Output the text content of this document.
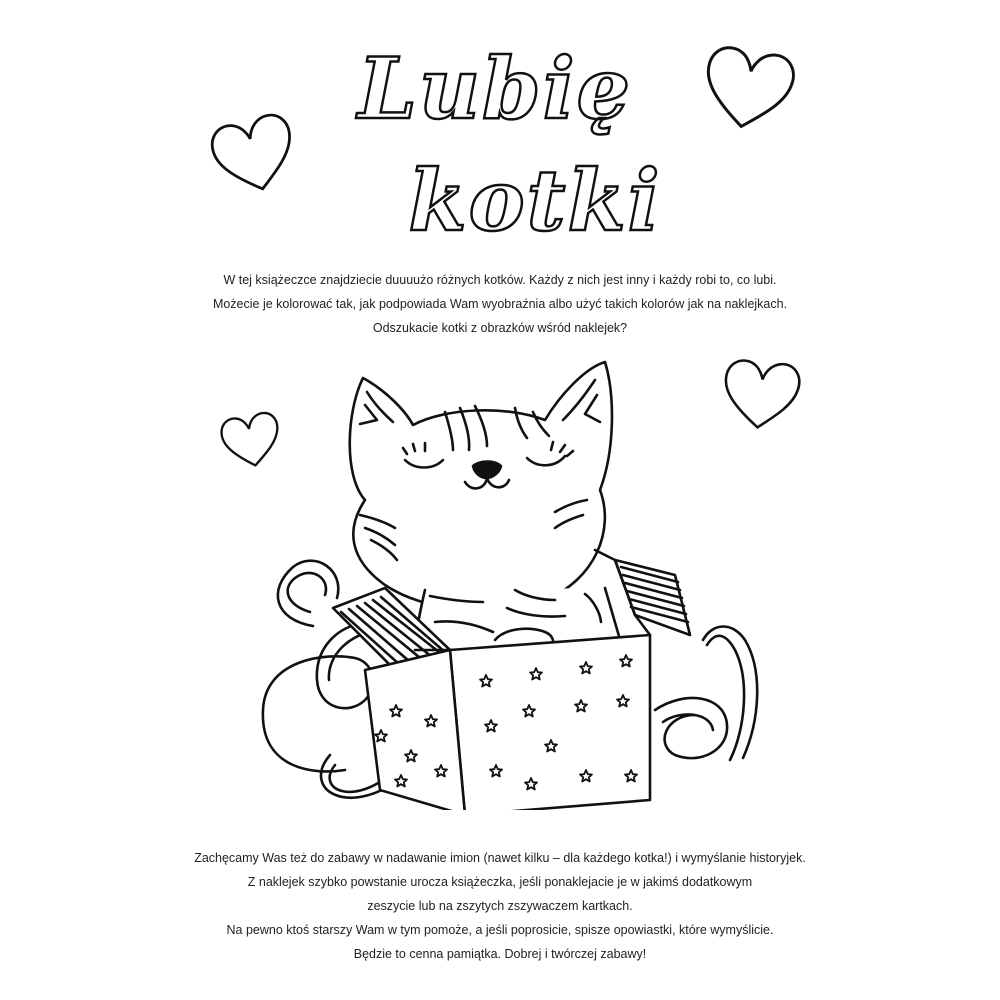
Lubię
kotki

W tej książeczce znajdziecie duuuużo różnych kotków. Każdy z nich jest inny i każdy robi to, co lubi.

Możecie je kolorować tak, jak podpowiada Wam wyobraźnia albo użyć takich kolorów jak na naklejkach.

Odszukacie kotki z obrazków wśród naklejek?

Zachęcamy Was też do zabawy w nadawanie imion (nawet kilku – dla każdego kotka!) i wymyślanie historyjek.

Z naklejek szybko powstanie urocza książeczka, jeśli ponaklejacie je w jakimś dodatkowym

zeszycie lub na zszytych zszywaczem kartkach.

Na pewno ktoś starszy Wam w tym pomoże, a jeśli poprosicie, spisze opowiastki, które wymyślicie.

Będzie to cenna pamiątka. Dobrej i twórczej zabawy!
